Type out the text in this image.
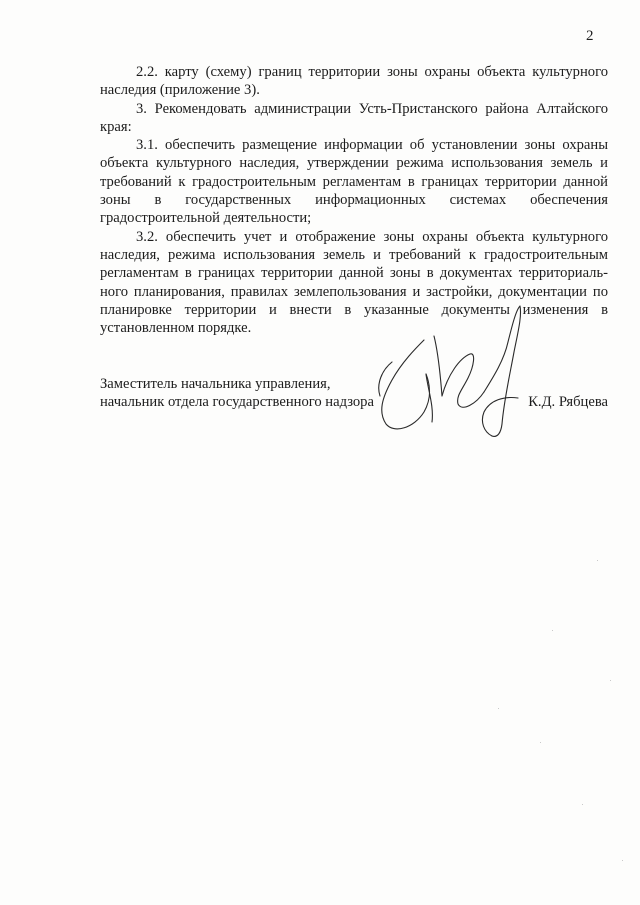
2

2.2. карту (схему) границ территории зоны охраны объекта культурного наследия (приложение 3).

3. Рекомендовать администрации Усть-Пристанского района Алтайского края:

3.1. обеспечить размещение информации об установлении зоны охраны объекта культурного наследия, утверждении режима использования земель и требований к градостроительным регламентам в границах территории данной зоны в государственных информационных системах обеспечения градостроительной деятельности;

3.2. обеспечить учет и отображение зоны охраны объекта культурного наследия, режима использования земель и требований к градостроительным регламентам в границах территории данной зоны в документах территориального планирования, правилах землепользования и застройки, документации по планировке территории и внести в указанные документы изменения в установленном порядке.

Заместитель начальника управления,
начальник отдела государственного надзора	К.Д. Рябцева
